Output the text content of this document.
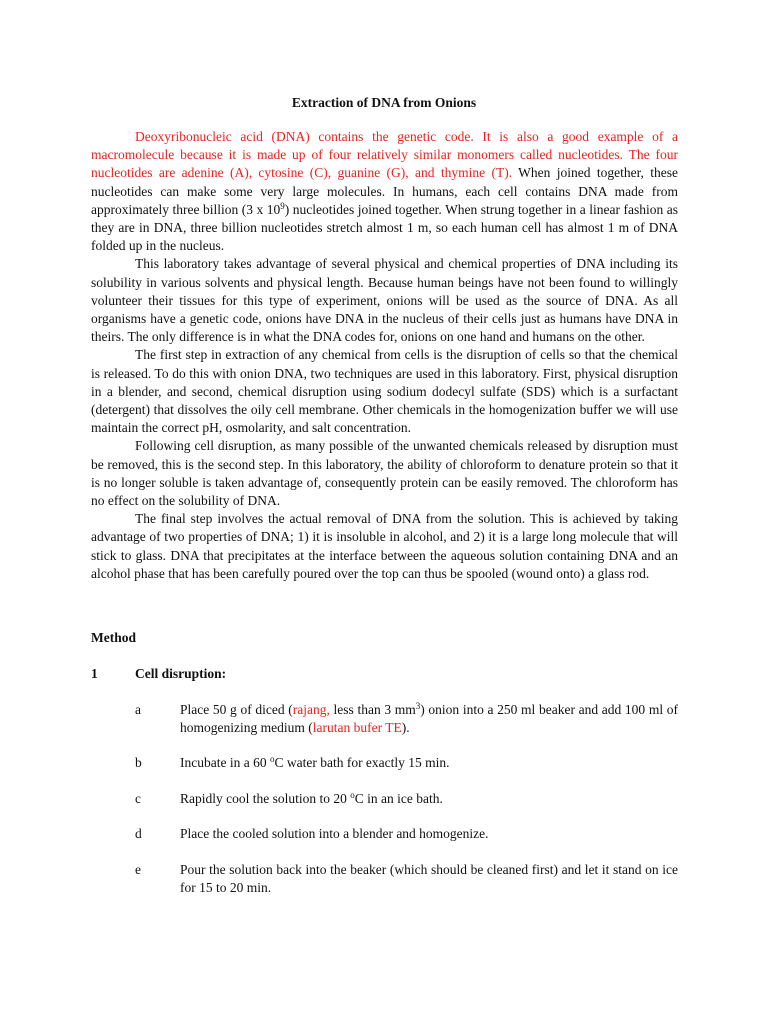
Extraction of DNA from Onions

Deoxyribonucleic acid (DNA) contains the genetic code. It is also a good example of a macromolecule because it is made up of four relatively similar monomers called nucleotides. The four nucleotides are adenine (A), cytosine (C), guanine (G), and thymine (T). When joined together, these nucleotides can make some very large molecules. In humans, each cell contains DNA made from approximately three billion (3 x $10^9$) nucleotides joined together. When strung together in a linear fashion as they are in DNA, three billion nucleotides stretch almost 1 m, so each human cell has almost 1 m of DNA folded up in the nucleus.

This laboratory takes advantage of several physical and chemical properties of DNA including its solubility in various solvents and physical length. Because human beings have not been found to willingly volunteer their tissues for this type of experiment, onions will be used as the source of DNA. As all organisms have a genetic code, onions have DNA in the nucleus of their cells just as humans have DNA in theirs. The only difference is in what the DNA codes for, onions on one hand and humans on the other.

The first step in extraction of any chemical from cells is the disruption of cells so that the chemical is released. To do this with onion DNA, two techniques are used in this laboratory. First, physical disruption in a blender, and second, chemical disruption using sodium dodecyl sulfate (SDS) which is a surfactant (detergent) that dissolves the oily cell membrane. Other chemicals in the homogenization buffer we will use maintain the correct pH, osmolarity, and salt concentration.

Following cell disruption, as many possible of the unwanted chemicals released by disruption must be removed, this is the second step. In this laboratory, the ability of chloroform to denature protein so that it is no longer soluble is taken advantage of, consequently protein can be easily removed. The chloroform has no effect on the solubility of DNA.

The final step involves the actual removal of DNA from the solution. This is achieved by taking advantage of two properties of DNA; 1) it is insoluble in alcohol, and 2) it is a large long molecule that will stick to glass. DNA that precipitates at the interface between the aqueous solution containing DNA and an alcohol phase that has been carefully poured over the top can thus be spooled (wound onto) a glass rod.

Method
1	Cell disruption:
a	Place 50 g of diced (rajang, less than 3 $mm^3$) onion into a 250 ml beaker and add 100 ml of homogenizing medium (larutan bufer TE).
b	Incubate in a 60 $^o$C water bath for exactly 15 min.
c	Rapidly cool the solution to 20 $^o$C in an ice bath.
d	Place the cooled solution into a blender and homogenize.
e	Pour the solution back into the beaker (which should be cleaned first) and let it stand on ice for 15 to 20 min.
